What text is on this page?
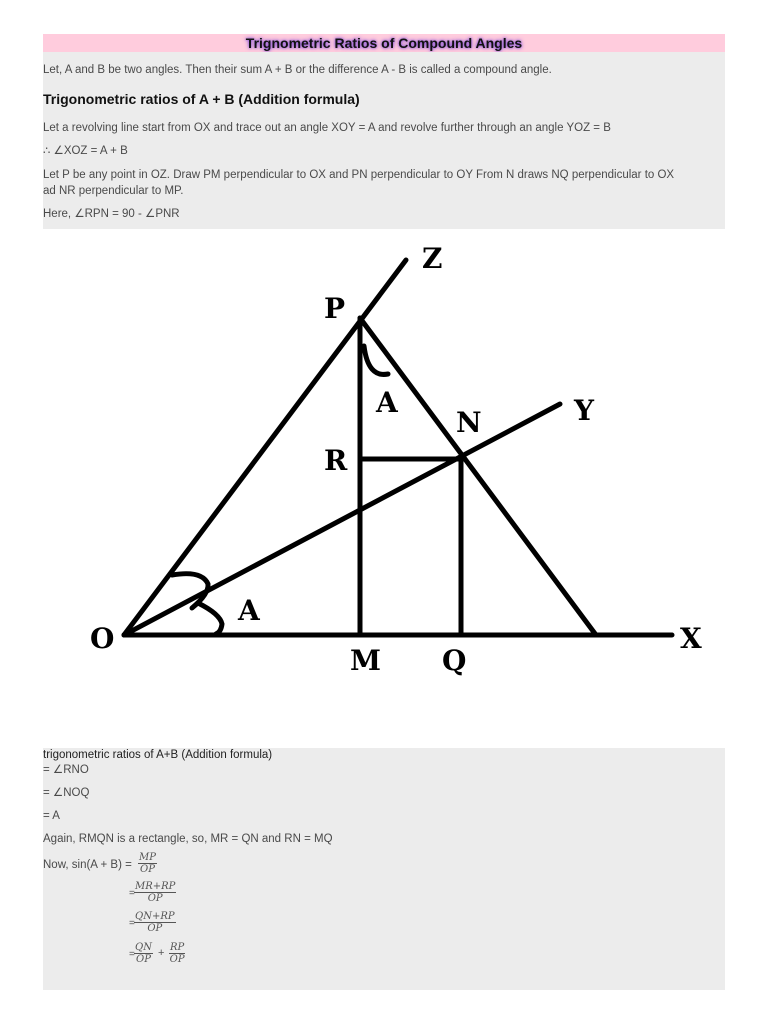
Trignometric Ratios of Compound Angles

Let, A and B be two angles. Then their sum A + B or the difference A - B is called a compound angle.

Trigonometric ratios of A + B (Addition formula)

Let a revolving line start from OX and trace out an angle XOY = A and revolve further through an angle YOZ = B

∴ ∠XOZ = A + B

Let P be any point in OZ. Draw PM perpendicular to OX and PN perpendicular to OY From N draws NQ perpendicular to OX

ad NR perpendicular to MP.

Here, ∠RPN = 90 - ∠PNR

Z
P
A
N	Y
R
A
O	X
M Q

trigonometric ratios of A+B (Addition formula)

= ∠RNO

= ∠NOQ

= A

Again, RMQN is a rectangle, so, MR = QN and RN = MQ

Now, $\sin(A + B) = \frac{MP}{OP}$
= $\frac{MR+RP}{OP}$
= $\frac{QN+RP}{OP}$
= $\frac{QN}{OP} + \frac{RP}{OP}$
